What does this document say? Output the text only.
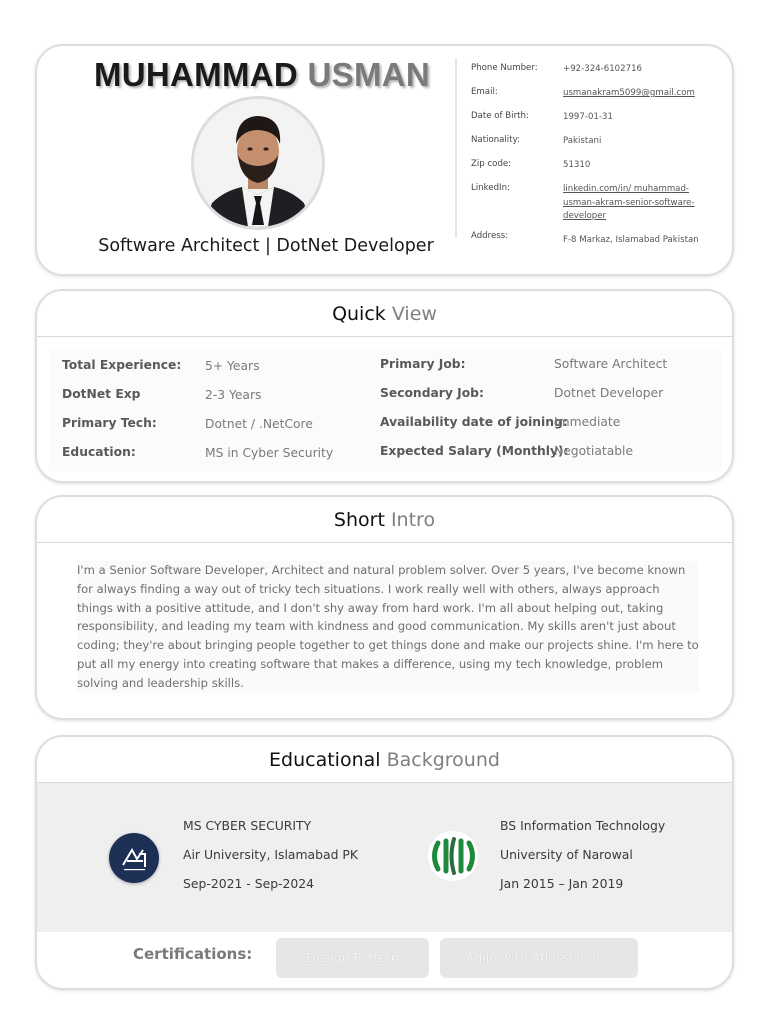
MUHAMMAD USMAN
Software Architect | DotNet Developer
Phone Number:	+92-324-6102716
Email:	usmanakram5099@gmail.com
Date of Birth:	1997-01-31
Nationality:	Pakistani
Zip code:	51310
LinkedIn:	linkedin.com/in/ muhammad-usman-akram-senior-software-developer
Address:	F-8 Markaz, Islamabad Pakistan
Quick View
Total Experience: 5+ Years
DotNet Exp	2-3 Years
Primary Tech:	Dotnet / .NetCore
Education:	MS in Cyber Security
Primary Job:	Software Architect
Secondary Job:	Dotnet Developer
Availability date of joining:
Immediate
Expected Salary (Monthly):
Negotiatable
Short Intro
I'm a Senior Software Developer, Architect and natural problem solver. Over 5 years, I've become known for always finding a way out of tricky tech situations. I work really well with others, always approach things with a positive attitude, and I don't shy away from hard work. I'm all about helping out, taking responsibility, and leading my team with kindness and good communication. My skills aren't just about coding; they're about bringing people together to get things done and make our projects shine. I'm here to put all my energy into creating software that makes a difference, using my tech knowledge, problem solving and leadership skills.
Educational Background
MS CYBER SECURITY
Air University, Islamabad PK
Sep-2021 - Sep-2024
BS Information Technology
University of Narowal
Jan 2015 – Jan 2019
Certifications:	Design Pattern	Agile with Atlassian Jira
